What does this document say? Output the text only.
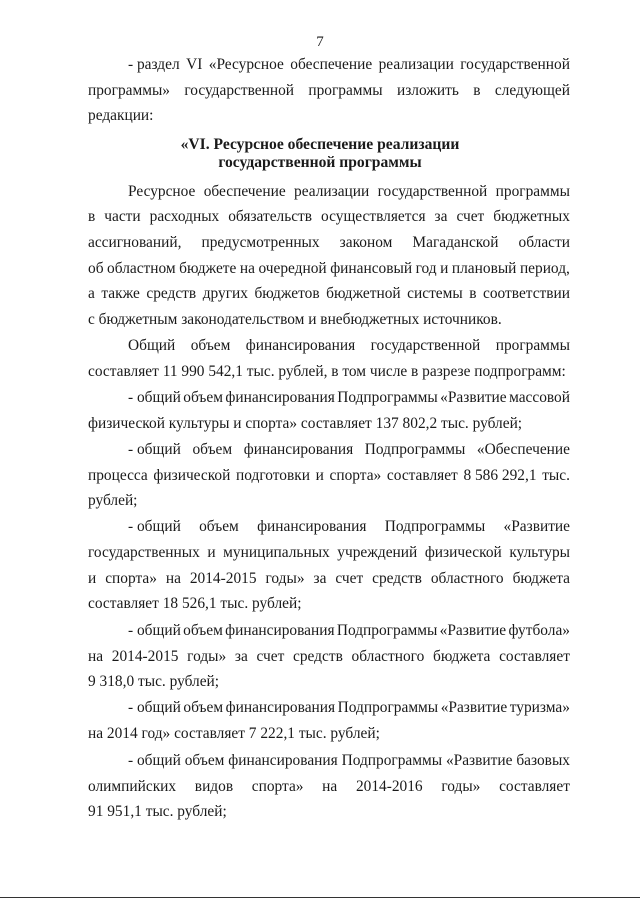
7
«VI. Ресурсное обеспечение реализации
государственной программы
- раздел VI «Ресурсное обеспечение реализации государственной
программы» государственной программы изложить в следующей
редакции:
Ресурсное обеспечение реализации государственной программы
в части расходных обязательств осуществляется за счет бюджетных
ассигнований, предусмотренных законом Магаданской области
об областном бюджете на очередной финансовый год и плановый период,
а также средств других бюджетов бюджетной системы в соответствии
с бюджетным законодательством и внебюджетных источников.
Общий объем финансирования государственной программы
составляет 11 990 542,1 тыс. рублей, в том числе в разрезе подпрограмм:
- общий объем финансирования Подпрограммы «Развитие массовой
физической культуры и спорта» составляет 137 802,2 тыс. рублей;
- общий объем финансирования Подпрограммы «Обеспечение
процесса физической подготовки и спорта» составляет 8 586 292,1 тыс.
рублей;
- общий объем финансирования Подпрограммы «Развитие
государственных и муниципальных учреждений физической культуры
и спорта» на 2014-2015 годы» за счет средств областного бюджета
составляет 18 526,1 тыс. рублей;
- общий объем финансирования Подпрограммы «Развитие футбола»
на 2014-2015 годы» за счет средств областного бюджета составляет
9 318,0 тыс. рублей;
- общий объем финансирования Подпрограммы «Развитие туризма»
на 2014 год» составляет 7 222,1 тыс. рублей;
- общий объем финансирования Подпрограммы «Развитие базовых
олимпийских видов спорта» на 2014-2016 годы» составляет
91 951,1 тыс. рублей;
